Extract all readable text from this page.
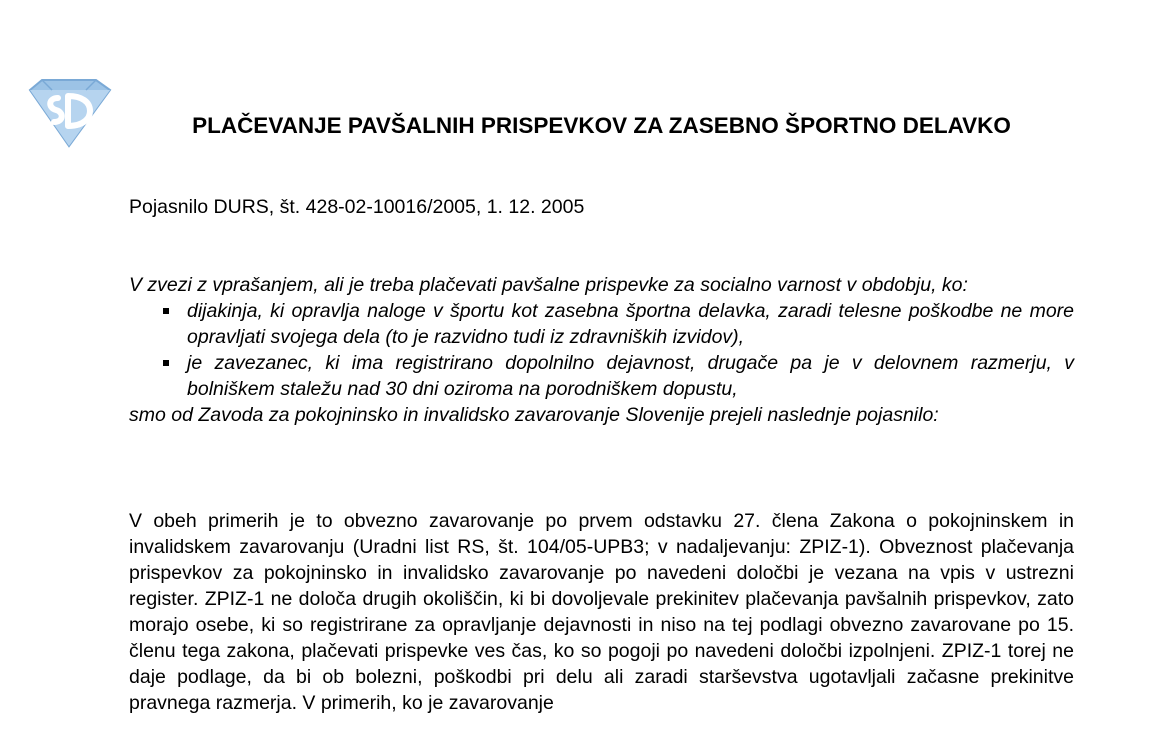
PLAČEVANJE PAVŠALNIH PRISPEVKOV ZA ZASEBNO ŠPORTNO DELAVKO

Pojasnilo DURS, št. 428-02-10016/2005, 1. 12. 2005

V zvezi z vprašanjem, ali je treba plačevati pavšalne prispevke za socialno varnost v obdobju, ko:

dijakinja, ki opravlja naloge v športu kot zasebna športna delavka, zaradi telesne poškodbe ne more opravljati svojega dela (to je razvidno tudi iz zdravniških izvidov),
je zavezanec, ki ima registrirano dopolnilno dejavnost, drugače pa je v delovnem razmerju, v bolniškem staležu nad 30 dni oziroma na porodniškem dopustu,

smo od Zavoda za pokojninsko in invalidsko zavarovanje Slovenije prejeli naslednje pojasnilo:

V obeh primerih je to obvezno zavarovanje po prvem odstavku 27. člena Zakona o pokojninskem in invalidskem zavarovanju (Uradni list RS, št. 104/05-UPB3; v nadaljevanju: ZPIZ-1). Obveznost plačevanja prispevkov za pokojninsko in invalidsko zavarovanje po navedeni določbi je vezana na vpis v ustrezni register. ZPIZ-1 ne določa drugih okoliščin, ki bi dovoljevale prekinitev plačevanja pavšalnih prispevkov, zato morajo osebe, ki so registrirane za opravljanje dejavnosti in niso na tej podlagi obvezno zavarovane po 15. členu tega zakona, plačevati prispevke ves čas, ko so pogoji po navedeni določbi izpolnjeni. ZPIZ-1 torej ne daje podlage, da bi ob bolezni, poškodbi pri delu ali zaradi starševstva ugotavljali začasne prekinitve pravnega razmerja. V primerih, ko je zavarovanje
